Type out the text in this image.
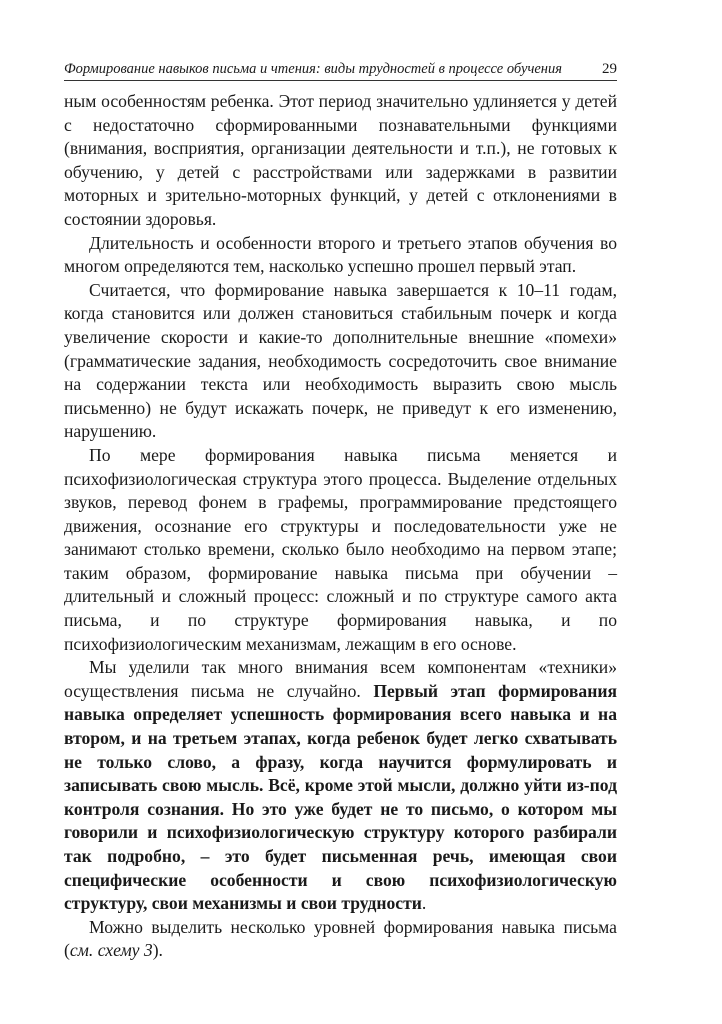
Формирование навыков письма и чтения: виды трудностей в процессе обучения	29

ным особенностям ребенка. Этот период значительно удлиняется у детей с недостаточно сформированными познавательными функциями (внимания, восприятия, организации деятельности и т.п.), не готовых к обучению, у детей с расстройствами или задержками в развитии моторных и зрительно-моторных функций, у детей с отклонениями в состоянии здоровья.

Длительность и особенности второго и третьего этапов обучения во многом определяются тем, насколько успешно прошел первый этап.

Считается, что формирование навыка завершается к 10–11 годам, когда становится или должен становиться стабильным почерк и когда увеличение скорости и какие-то дополнительные внешние «помехи» (грамматические задания, необходимость сосредоточить свое внимание на содержании текста или необходимость выразить свою мысль письменно) не будут искажать почерк, не приведут к его изменению, нарушению.

По мере формирования навыка письма меняется и психофизиологическая структура этого процесса. Выделение отдельных звуков, перевод фонем в графемы, программирование предстоящего движения, осознание его структуры и последовательности уже не занимают столько времени, сколько было необходимо на первом этапе; таким образом, формирование навыка письма при обучении – длительный и сложный процесс: сложный и по структуре самого акта письма, и по структуре формирования навыка, и по психофизиологическим механизмам, лежащим в его основе.

Мы уделили так много внимания всем компонентам «техники» осуществления письма не случайно. Первый этап формирования навыка определяет успешность формирования всего навыка и на втором, и на третьем этапах, когда ребенок будет легко схватывать не только слово, а фразу, когда научится формулировать и записывать свою мысль. Всё, кроме этой мысли, должно уйти из-под контроля сознания. Но это уже будет не то письмо, о котором мы говорили и психофизиологическую структуру которого разбирали так подробно, – это будет письменная речь, имеющая свои специфические особенности и свою психофизиологическую структуру, свои механизмы и свои трудности.

Можно выделить несколько уровней формирования навыка письма (см. схему 3).
